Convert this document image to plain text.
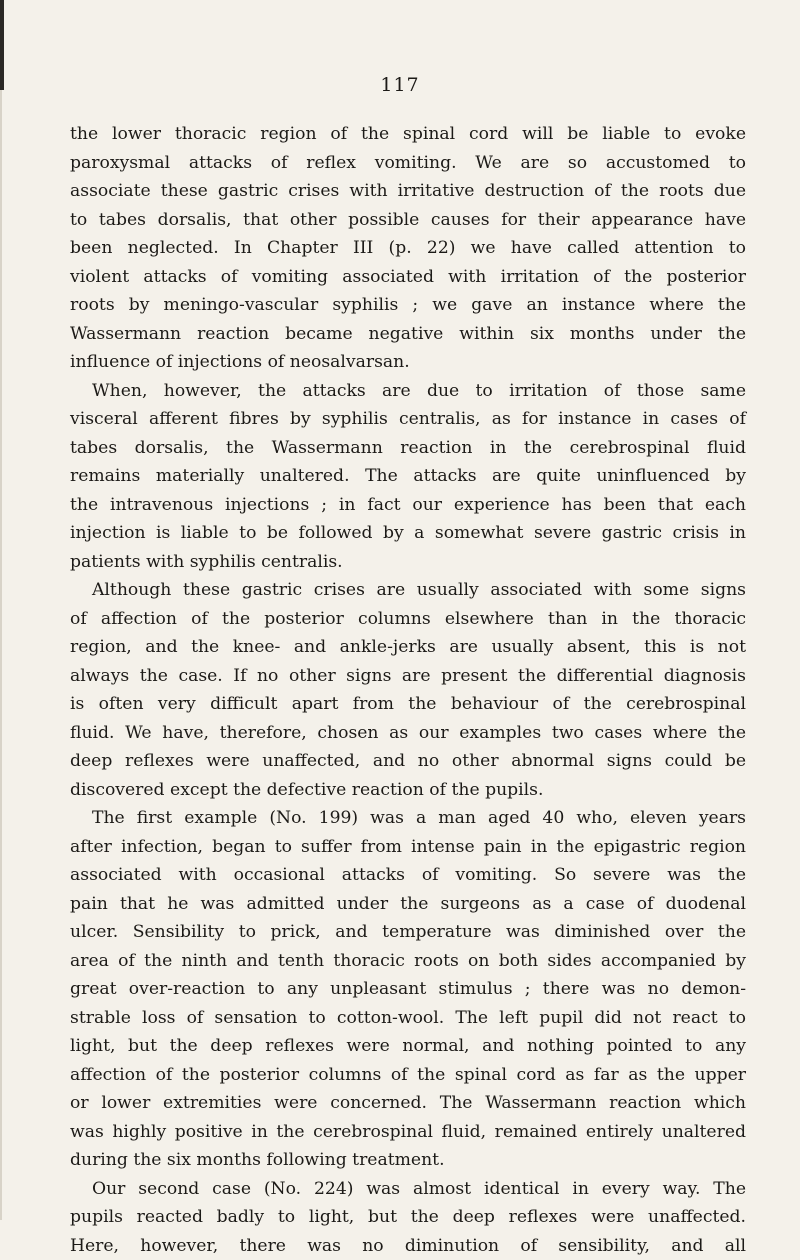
117
the lower thoracic region of the spinal cord will be liable to evoke
paroxysmal attacks of reflex vomiting. We are so accustomed to
associate these gastric crises with irritative destruction of the roots due
to tabes dorsalis, that other possible causes for their appearance have
been neglected. In Chapter III (p. 22) we have called attention to
violent attacks of vomiting associated with irritation of the posterior
roots by meningo-vascular syphilis ; we gave an instance where the
Wassermann reaction became negative within six months under the
influence of injections of neosalvarsan.
When, however, the attacks are due to irritation of those same
visceral afferent fibres by syphilis centralis, as for instance in cases of
tabes dorsalis, the Wassermann reaction in the cerebrospinal fluid
remains materially unaltered. The attacks are quite uninfluenced by
the intravenous injections ; in fact our experience has been that each
injection is liable to be followed by a somewhat severe gastric crisis in
patients with syphilis centralis.
Although these gastric crises are usually associated with some signs
of affection of the posterior columns elsewhere than in the thoracic
region, and the knee- and ankle-jerks are usually absent, this is not
always the case. If no other signs are present the differential diagnosis
is often very difficult apart from the behaviour of the cerebrospinal
fluid. We have, therefore, chosen as our examples two cases where the
deep reflexes were unaffected, and no other abnormal signs could be
discovered except the defective reaction of the pupils.
The first example (No. 199) was a man aged 40 who, eleven years
after infection, began to suffer from intense pain in the epigastric region
associated with occasional attacks of vomiting. So severe was the
pain that he was admitted under the surgeons as a case of duodenal
ulcer. Sensibility to prick, and temperature was diminished over the
area of the ninth and tenth thoracic roots on both sides accompanied by
great over-reaction to any unpleasant stimulus ; there was no demon-
strable loss of sensation to cotton-wool. The left pupil did not react to
light, but the deep reflexes were normal, and nothing pointed to any
affection of the posterior columns of the spinal cord as far as the upper
or lower extremities were concerned. The Wassermann reaction which
was highly positive in the cerebrospinal fluid, remained entirely unaltered
during the six months following treatment.
Our second case (No. 224) was almost identical in every way. The
pupils reacted badly to light, but the deep reflexes were unaffected.
Here, however, there was no diminution of sensibility, and all
